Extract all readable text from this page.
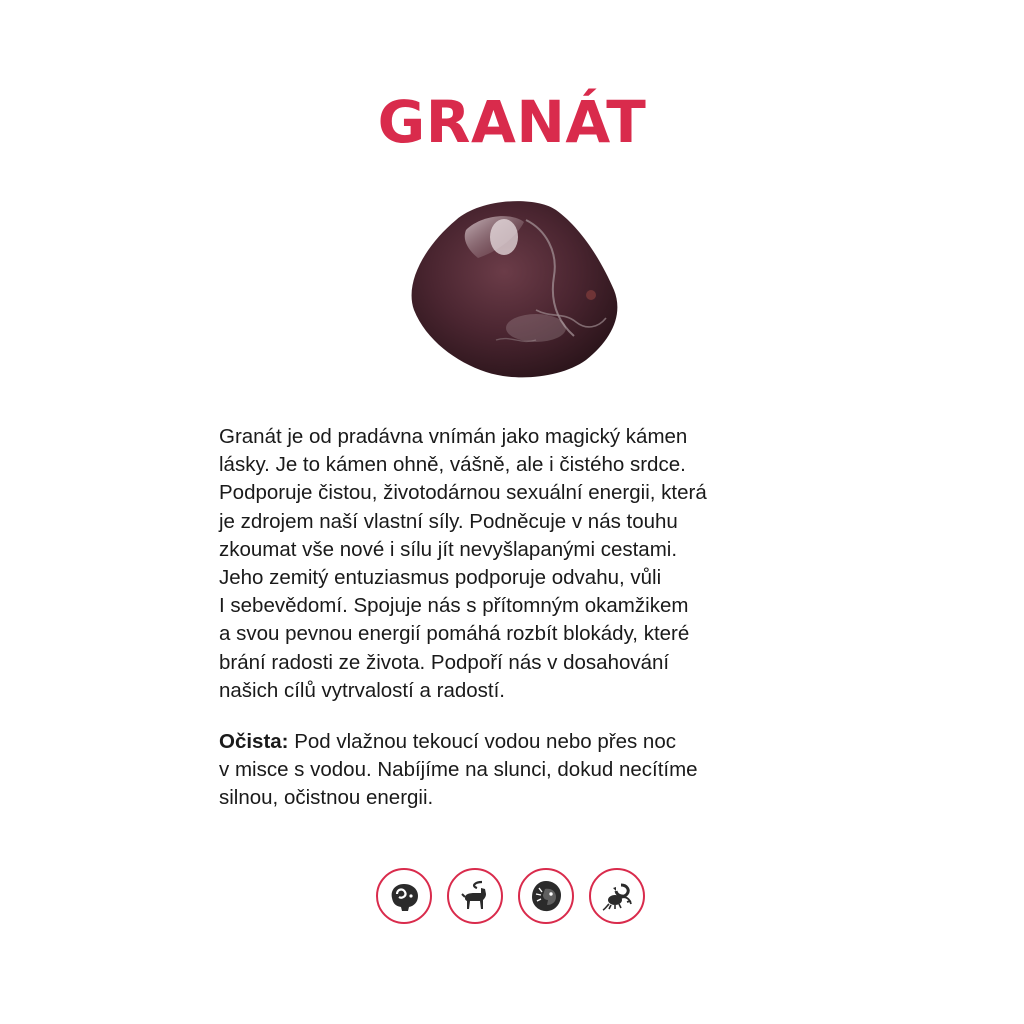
GRANÁT
Granát je od pradávna vnímán jako magický kámen
lásky. Je to kámen ohně, vášně, ale i čistého srdce.
Podporuje čistou, životodárnou sexuální energii, která
je zdrojem naší vlastní síly. Podněcuje v nás touhu
zkoumat vše nové i sílu jít nevyšlapanými cestami.
Jeho zemitý entuziasmus podporuje odvahu, vůli
I sebevědomí. Spojuje nás s přítomným okamžikem
a svou pevnou energií pomáhá rozbít blokády, které
brání radosti ze života. Podpoří nás v dosahování
našich cílů vytrvalostí a radostí.
Očista: Pod vlažnou tekoucí vodou nebo přes noc
v misce s vodou. Nabíjíme na slunci, dokud necítíme
silnou, očistnou energii.
